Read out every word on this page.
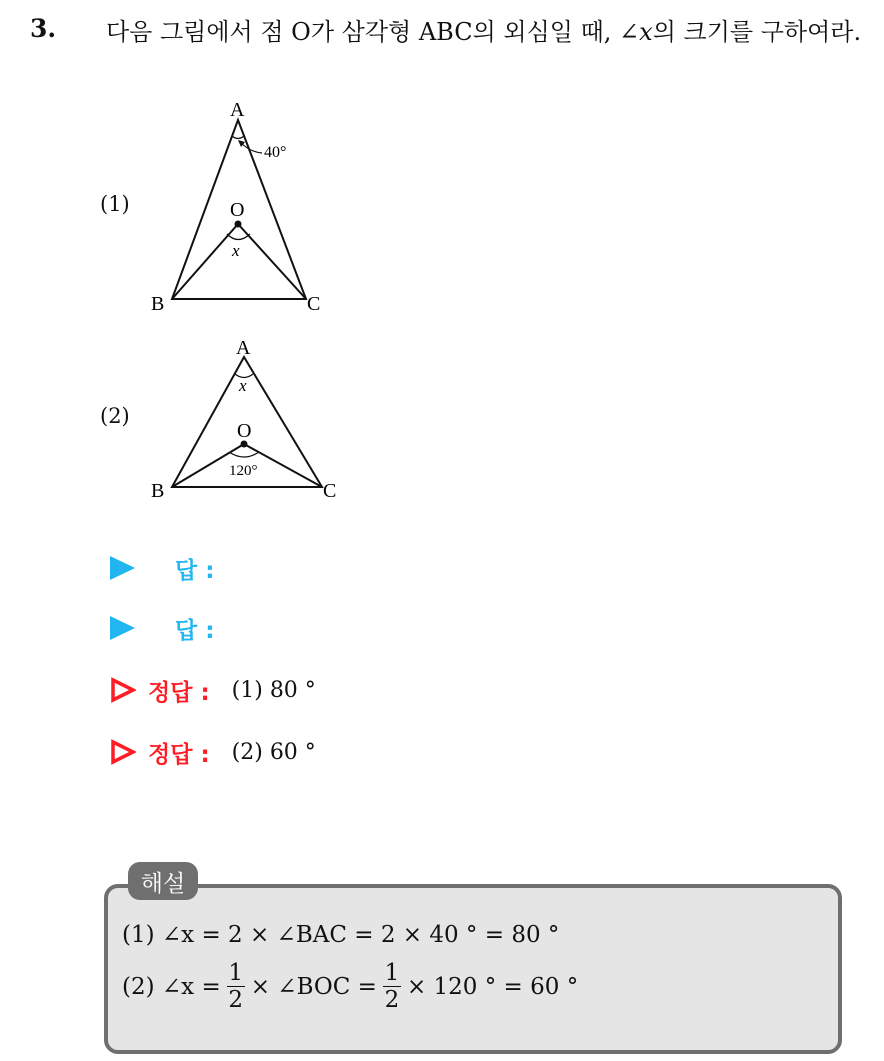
3. 다음 그림에서 점 O가 삼각형 ABC의 외심일 때, ∠x의 크기를 구하여라.
(1)
(2)
A
B	C
O
40°
x
A
B	C
O
x
120°
답 :
답 :
정답 : (1) 80 °
정답 : (2) 60 °
해설
(1) ∠x = 2 × ∠BAC = 2 × 40 ° = 80 °
(2) ∠x = $\frac{1}{2}$ × ∠BOC = $\frac{1}{2} \times 120$ ° = 60 °
